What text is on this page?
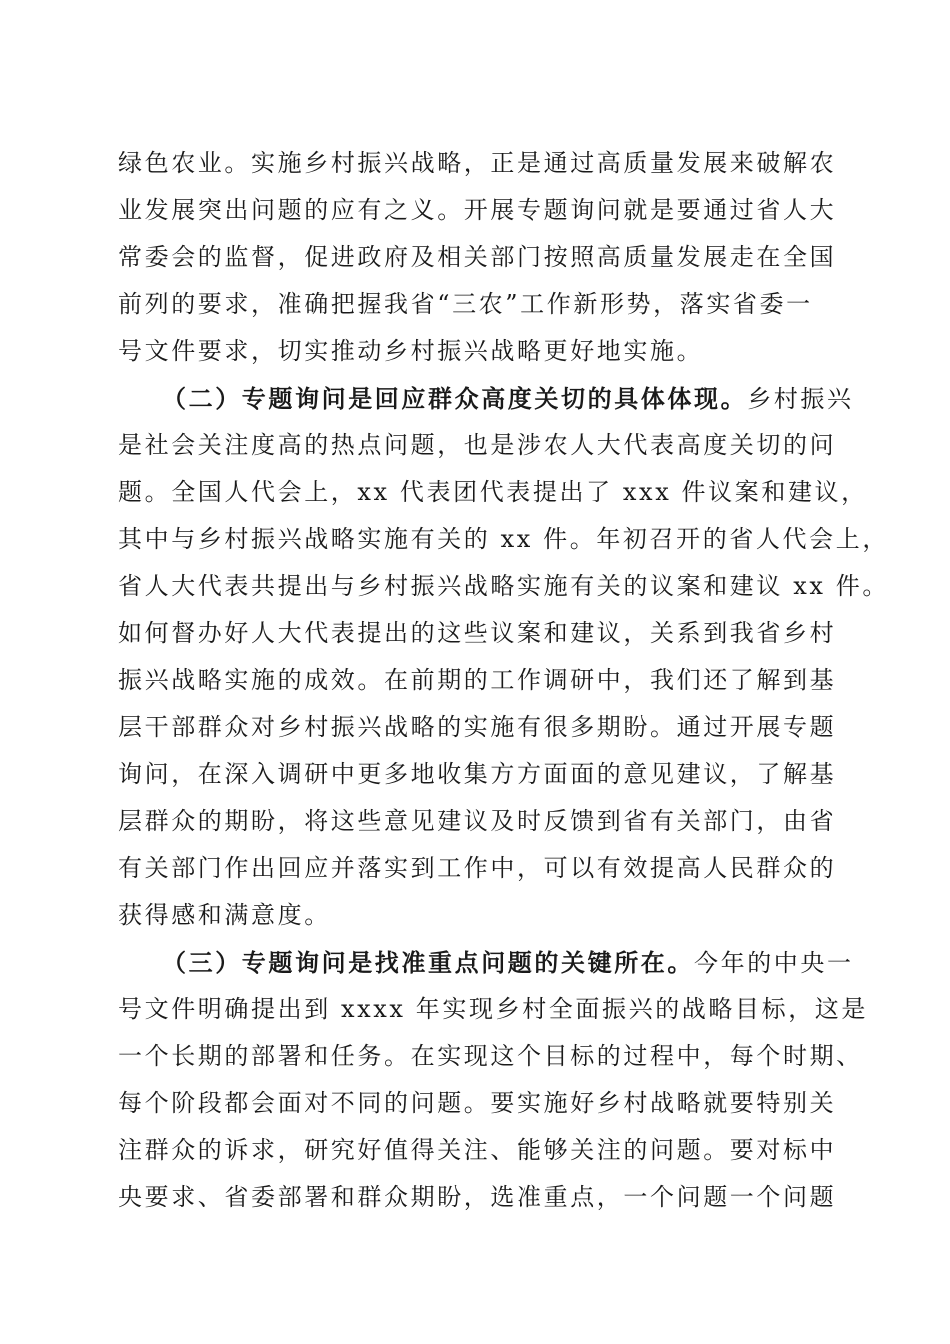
绿色农业。实施乡村振兴战略，正是通过高质量发展来破解农
业发展突出问题的应有之义。开展专题询问就是要通过省人大
常委会的监督，促进政府及相关部门按照高质量发展走在全国
前列的要求，准确把握我省“三农”工作新形势，落实省委一
号文件要求，切实推动乡村振兴战略更好地实施。
（二）专题询问是回应群众高度关切的具体体现。乡村振兴
是社会关注度高的热点问题，也是涉农人大代表高度关切的问
题。全国人代会上，xx 代表团代表提出了 xxx 件议案和建议，
其中与乡村振兴战略实施有关的 xx 件。年初召开的省人代会上，
省人大代表共提出与乡村振兴战略实施有关的议案和建议 xx 件。
如何督办好人大代表提出的这些议案和建议，关系到我省乡村
振兴战略实施的成效。在前期的工作调研中，我们还了解到基
层干部群众对乡村振兴战略的实施有很多期盼。通过开展专题
询问，在深入调研中更多地收集方方面面的意见建议，了解基
层群众的期盼，将这些意见建议及时反馈到省有关部门，由省
有关部门作出回应并落实到工作中，可以有效提高人民群众的
获得感和满意度。
（三）专题询问是找准重点问题的关键所在。今年的中央一
号文件明确提出到 xxxx 年实现乡村全面振兴的战略目标，这是
一个长期的部署和任务。在实现这个目标的过程中，每个时期、
每个阶段都会面对不同的问题。要实施好乡村战略就要特别关
注群众的诉求，研究好值得关注、能够关注的问题。要对标中
央要求、省委部署和群众期盼，选准重点，一个问题一个问题
